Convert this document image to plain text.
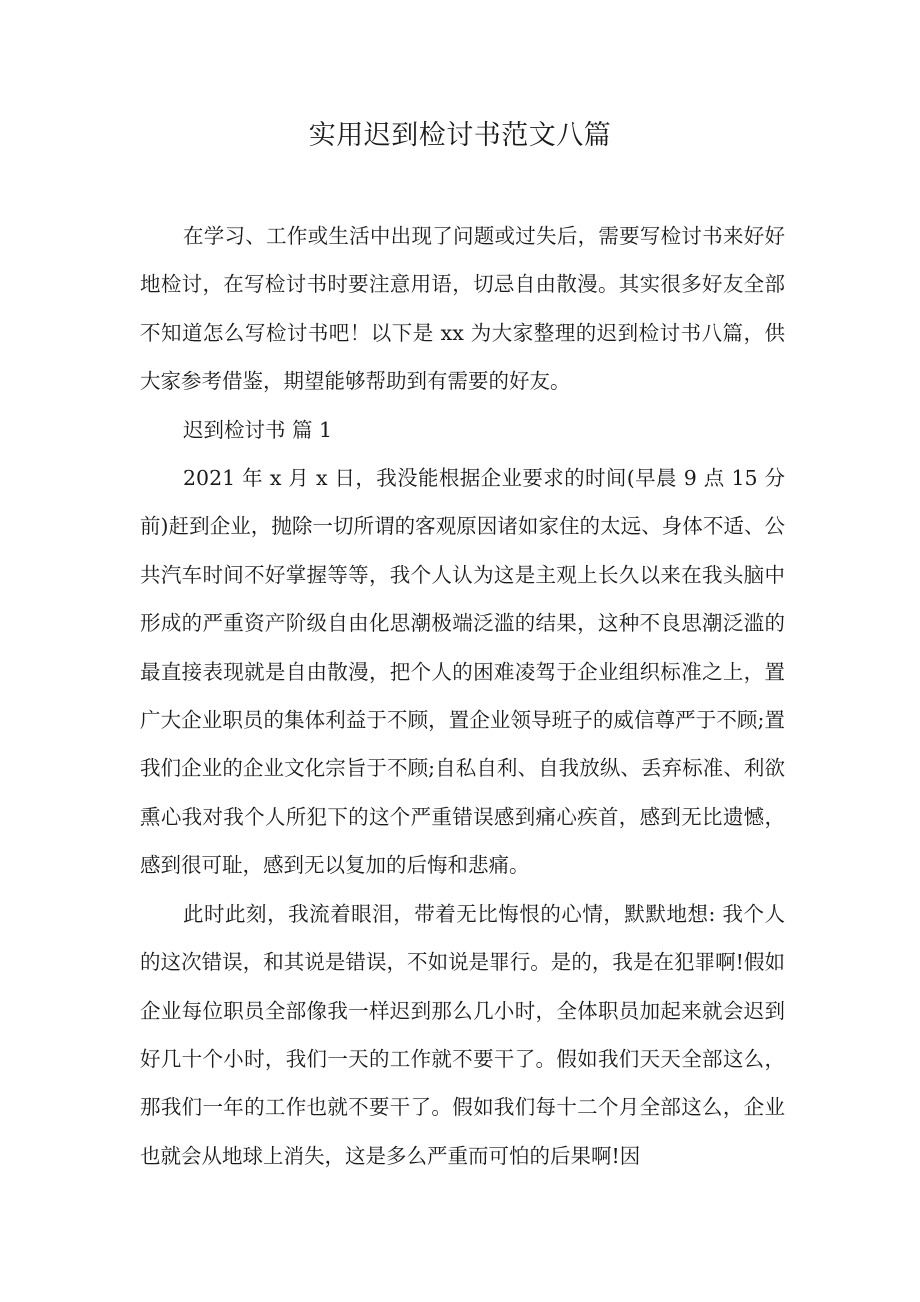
实用迟到检讨书范文八篇

在学习、工作或生活中出现了问题或过失后，需要写检讨书来好好地检讨，在写检讨书时要注意用语，切忌自由散漫。其实很多好友全部不知道怎么写检讨书吧！以下是 xx 为大家整理的迟到检讨书八篇，供大家参考借鉴，期望能够帮助到有需要的好友。

迟到检讨书 篇 1

2021 年 x 月 x 日，我没能根据企业要求的时间(早晨 9 点 15 分前)赶到企业，抛除一切所谓的客观原因诸如家住的太远、身体不适、公共汽车时间不好掌握等等，我个人认为这是主观上长久以来在我头脑中形成的严重资产阶级自由化思潮极端泛滥的结果，这种不良思潮泛滥的最直接表现就是自由散漫，把个人的困难凌驾于企业组织标准之上，置广大企业职员的集体利益于不顾，置企业领导班子的威信尊严于不顾;置我们企业的企业文化宗旨于不顾;自私自利、自我放纵、丢弃标准、利欲熏心我对我个人所犯下的这个严重错误感到痛心疾首，感到无比遗憾，感到很可耻，感到无以复加的后悔和悲痛。

此时此刻，我流着眼泪，带着无比悔恨的心情，默默地想: 我个人的这次错误，和其说是错误，不如说是罪行。是的，我是在犯罪啊!假如企业每位职员全部像我一样迟到那么几小时，全体职员加起来就会迟到好几十个小时，我们一天的工作就不要干了。假如我们天天全部这么，那我们一年的工作也就不要干了。假如我们每十二个月全部这么，企业也就会从地球上消失，这是多么严重而可怕的后果啊!因
